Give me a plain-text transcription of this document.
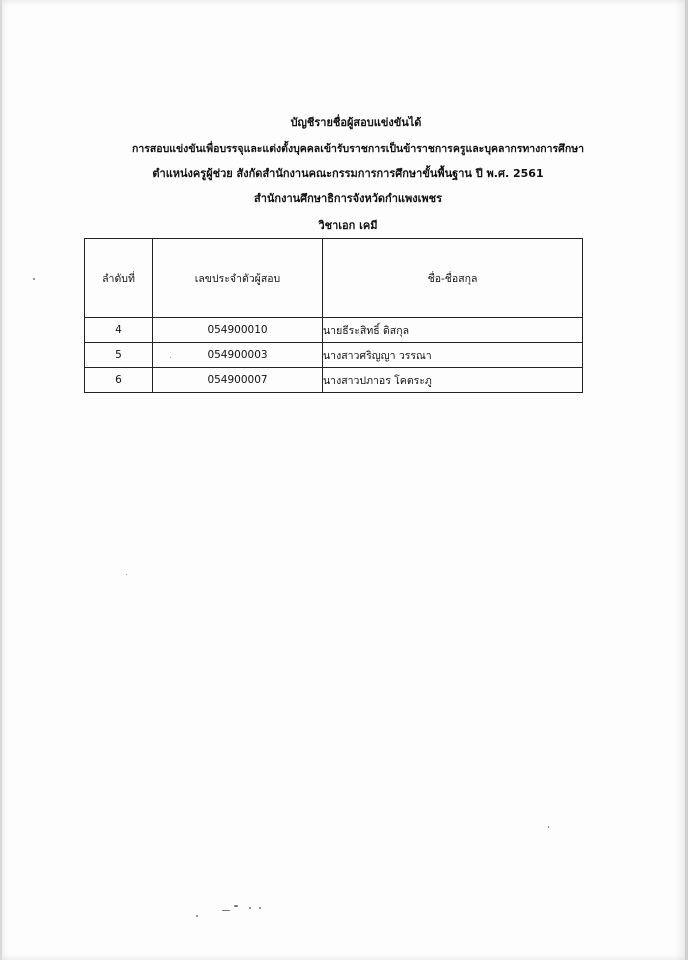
บัญชีรายชื่อผู้สอบแข่งขันได้
การสอบแข่งขันเพื่อบรรจุและแต่งตั้งบุคคลเข้ารับราชการเป็นข้าราชการครูและบุคลากรทางการศึกษา
ตำแหน่งครูผู้ช่วย สังกัดสำนักงานคณะกรรมการการศึกษาขั้นพื้นฐาน ปี พ.ศ. 2561
สำนักงานศึกษาธิการจังหวัดกำแพงเพชร
วิชาเอก เคมี
ลำดับที่	เลขประจำตัวผู้สอบ	ชื่อ-ชื่อสกุล
4	054900010	นายธีระสิทธิ์ ดิสกุล
5	054900003	นางสาวศริญญา วรรณา
6	054900007	นางสาวปภาอร โคตระภู
